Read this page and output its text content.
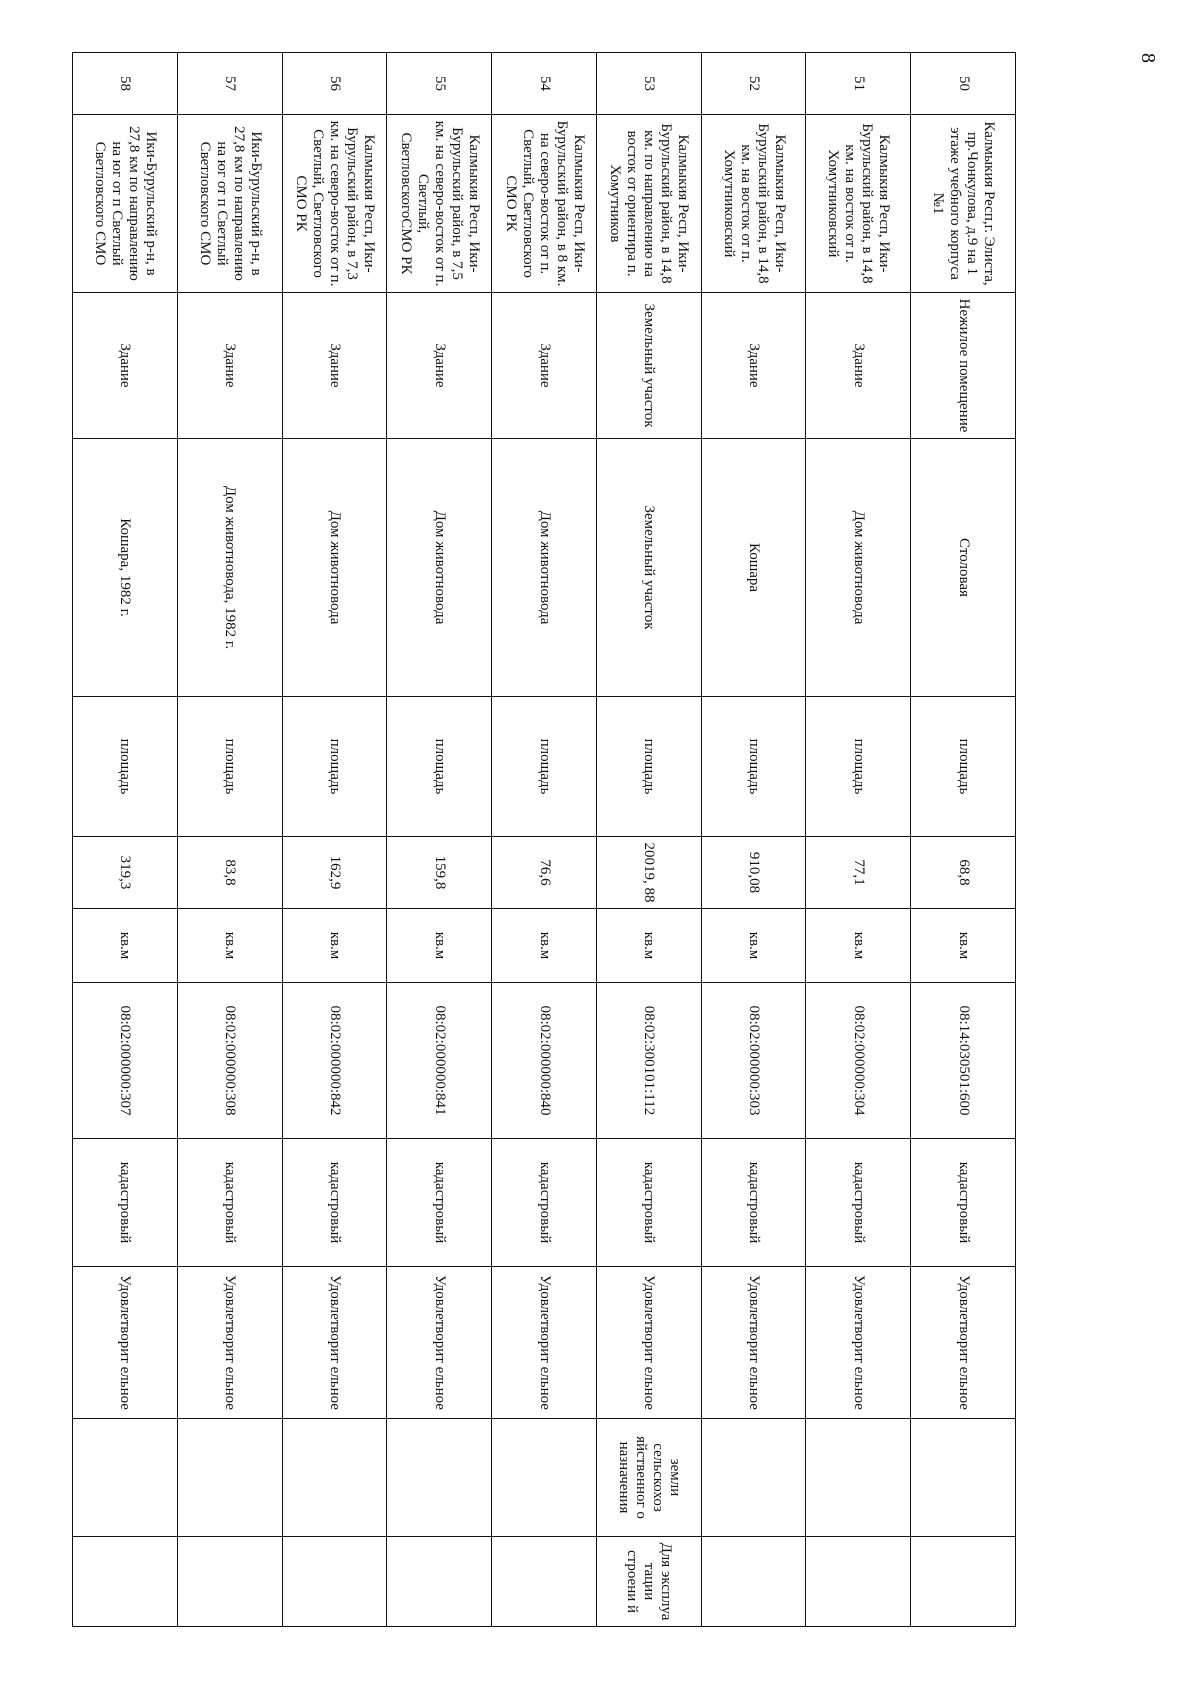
8
50	Калмыкия Респ,г. Элиста, пр.Чонкулова, д.9 на 1 этаже учебного корпуса №1	Нежилое помещение	Столовая	площадь	68,8	кв.м	08:14:030501:600	кадастровый	Удовлетворит ельное		
51	Калмыкия Респ, Ики-Бурульский район, в 14,8 км. на восток от п. Хомутниковский	Здание	Дом животновода	площадь	77,1	кв.м	08:02:000000:304	кадастровый	Удовлетворит ельное		
52	Калмыкия Респ, Ики-Бурульский район, в 14,8 км. на восток от п. Хомутниковский	Здание	Кошара	площадь	910,08	кв.м	08:02:000000:303	кадастровый	Удовлетворит ельное		
53	Калмыкия Респ, Ики-Бурульский район, в 14,8 км. по направлению на восток от ориентира п. Хомутников	Земельный участок	Земельный участок	площадь	20019, 88	кв.м	08:02:300101:112	кадастровый	Удовлетворит ельное	земли сельскохоз яйственног о назначения	Для эксплуа тации строени й
54	Калмыкия Респ, Ики-Бурульский район, в 8 км. на северо-восток от п. Светлый, Светловского СМО РК	Здание	Дом животновода	площадь	76,6	кв.м	08:02:000000:840	кадастровый	Удовлетворит ельное		
55	Калмыкия Респ, Ики-Бурульский район, в 7,5 км. на северо-восток от п. Светлый, СветловскогоСМО РК	Здание	Дом животновода	площадь	159,8	кв.м	08:02:000000:841	кадастровый	Удовлетворит ельное		
56	Калмыкия Респ, Ики-Бурульский район, в 7,3 км. на северо-восток от п. Светлый, Светловского СМО РК	Здание	Дом животновода	площадь	162,9	кв.м	08:02:000000:842	кадастровый	Удовлетворит ельное		
57	Ики-Бурульский р-н, в 27,8 км по направлению на юг от п Светлый Светловского СМО	Здание	Дом животновода, 1982 г.	площадь	83,8	кв.м	08:02:000000:308	кадастровый	Удовлетворит ельное		
58	Ики-Бурульский р-н, в 27,8 км по направлению на юг от п Светлый Светловского СМО	Здание	Кошара, 1982 г.	площадь	319,3	кв.м	08:02:000000:307	кадастровый	Удовлетворит ельное		
